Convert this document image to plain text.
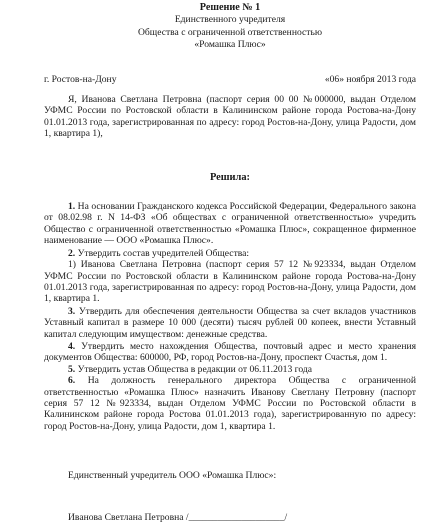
Решение № 1
Единственного учредителя
Общества с ограниченной ответственностью
«Ромашка Плюс»
г. Ростов-на-Дону	«06» ноября 2013 года
Я, Иванова Светлана Петровна (паспорт серия 00 00 №000000, выдан Отделом УФМС России по Ростовской области в Калининском районе города Ростова-на-Дону 01.01.2013 года, зарегистрированная по адресу: город Ростов-на-Дону, улица Радости, дом 1, квартира 1),
Решила:
1. На основании Гражданского кодекса Российской Федерации, Федерального закона от 08.02.98 г. N 14-ФЗ «Об обществах с ограниченной ответственностью» учредить Общество с ограниченной ответственностью «Ромашка Плюс», сокращенное фирменное наименование — ООО «Ромашка Плюс».
2. Утвердить состав учредителей Общества:
1) Иванова Светлана Петровна (паспорт серия 57 12 №923334, выдан Отделом УФМС России по Ростовской области в Калининском районе города Ростова-на-Дону 01.01.2013 года, зарегистрированная по адресу: город Ростов-на-Дону, улица Радости, дом 1, квартира 1.
3. Утвердить для обеспечения деятельности Общества за счет вкладов участников Уставный капитал в размере 10 000 (десяти) тысяч рублей 00 копеек, внести Уставный капитал следующим имуществом: денежные средства.
4. Утвердить место нахождения Общества, почтовый адрес и место хранения документов Общества: 600000, РФ, город Ростов-на-Дону, проспект Счастья, дом 1.
5. Утвердить устав Общества в редакции от 06.11.2013 года
6. На должность генерального директора Общества с ограниченной ответственностью «Ромашка Плюс» назначить Иванову Светлану Петровну (паспорт серия 57 12 №923334, выдан Отделом УФМС России по Ростовской области в Калининском районе города Ростова 01.01.2013 года), зарегистрированную по адресу: город Ростов-на-Дону, улица Радости, дом 1, квартира 1.
Единственный учредитель ООО «Ромашка Плюс»:
Иванова Светлана Петровна /____________________/
